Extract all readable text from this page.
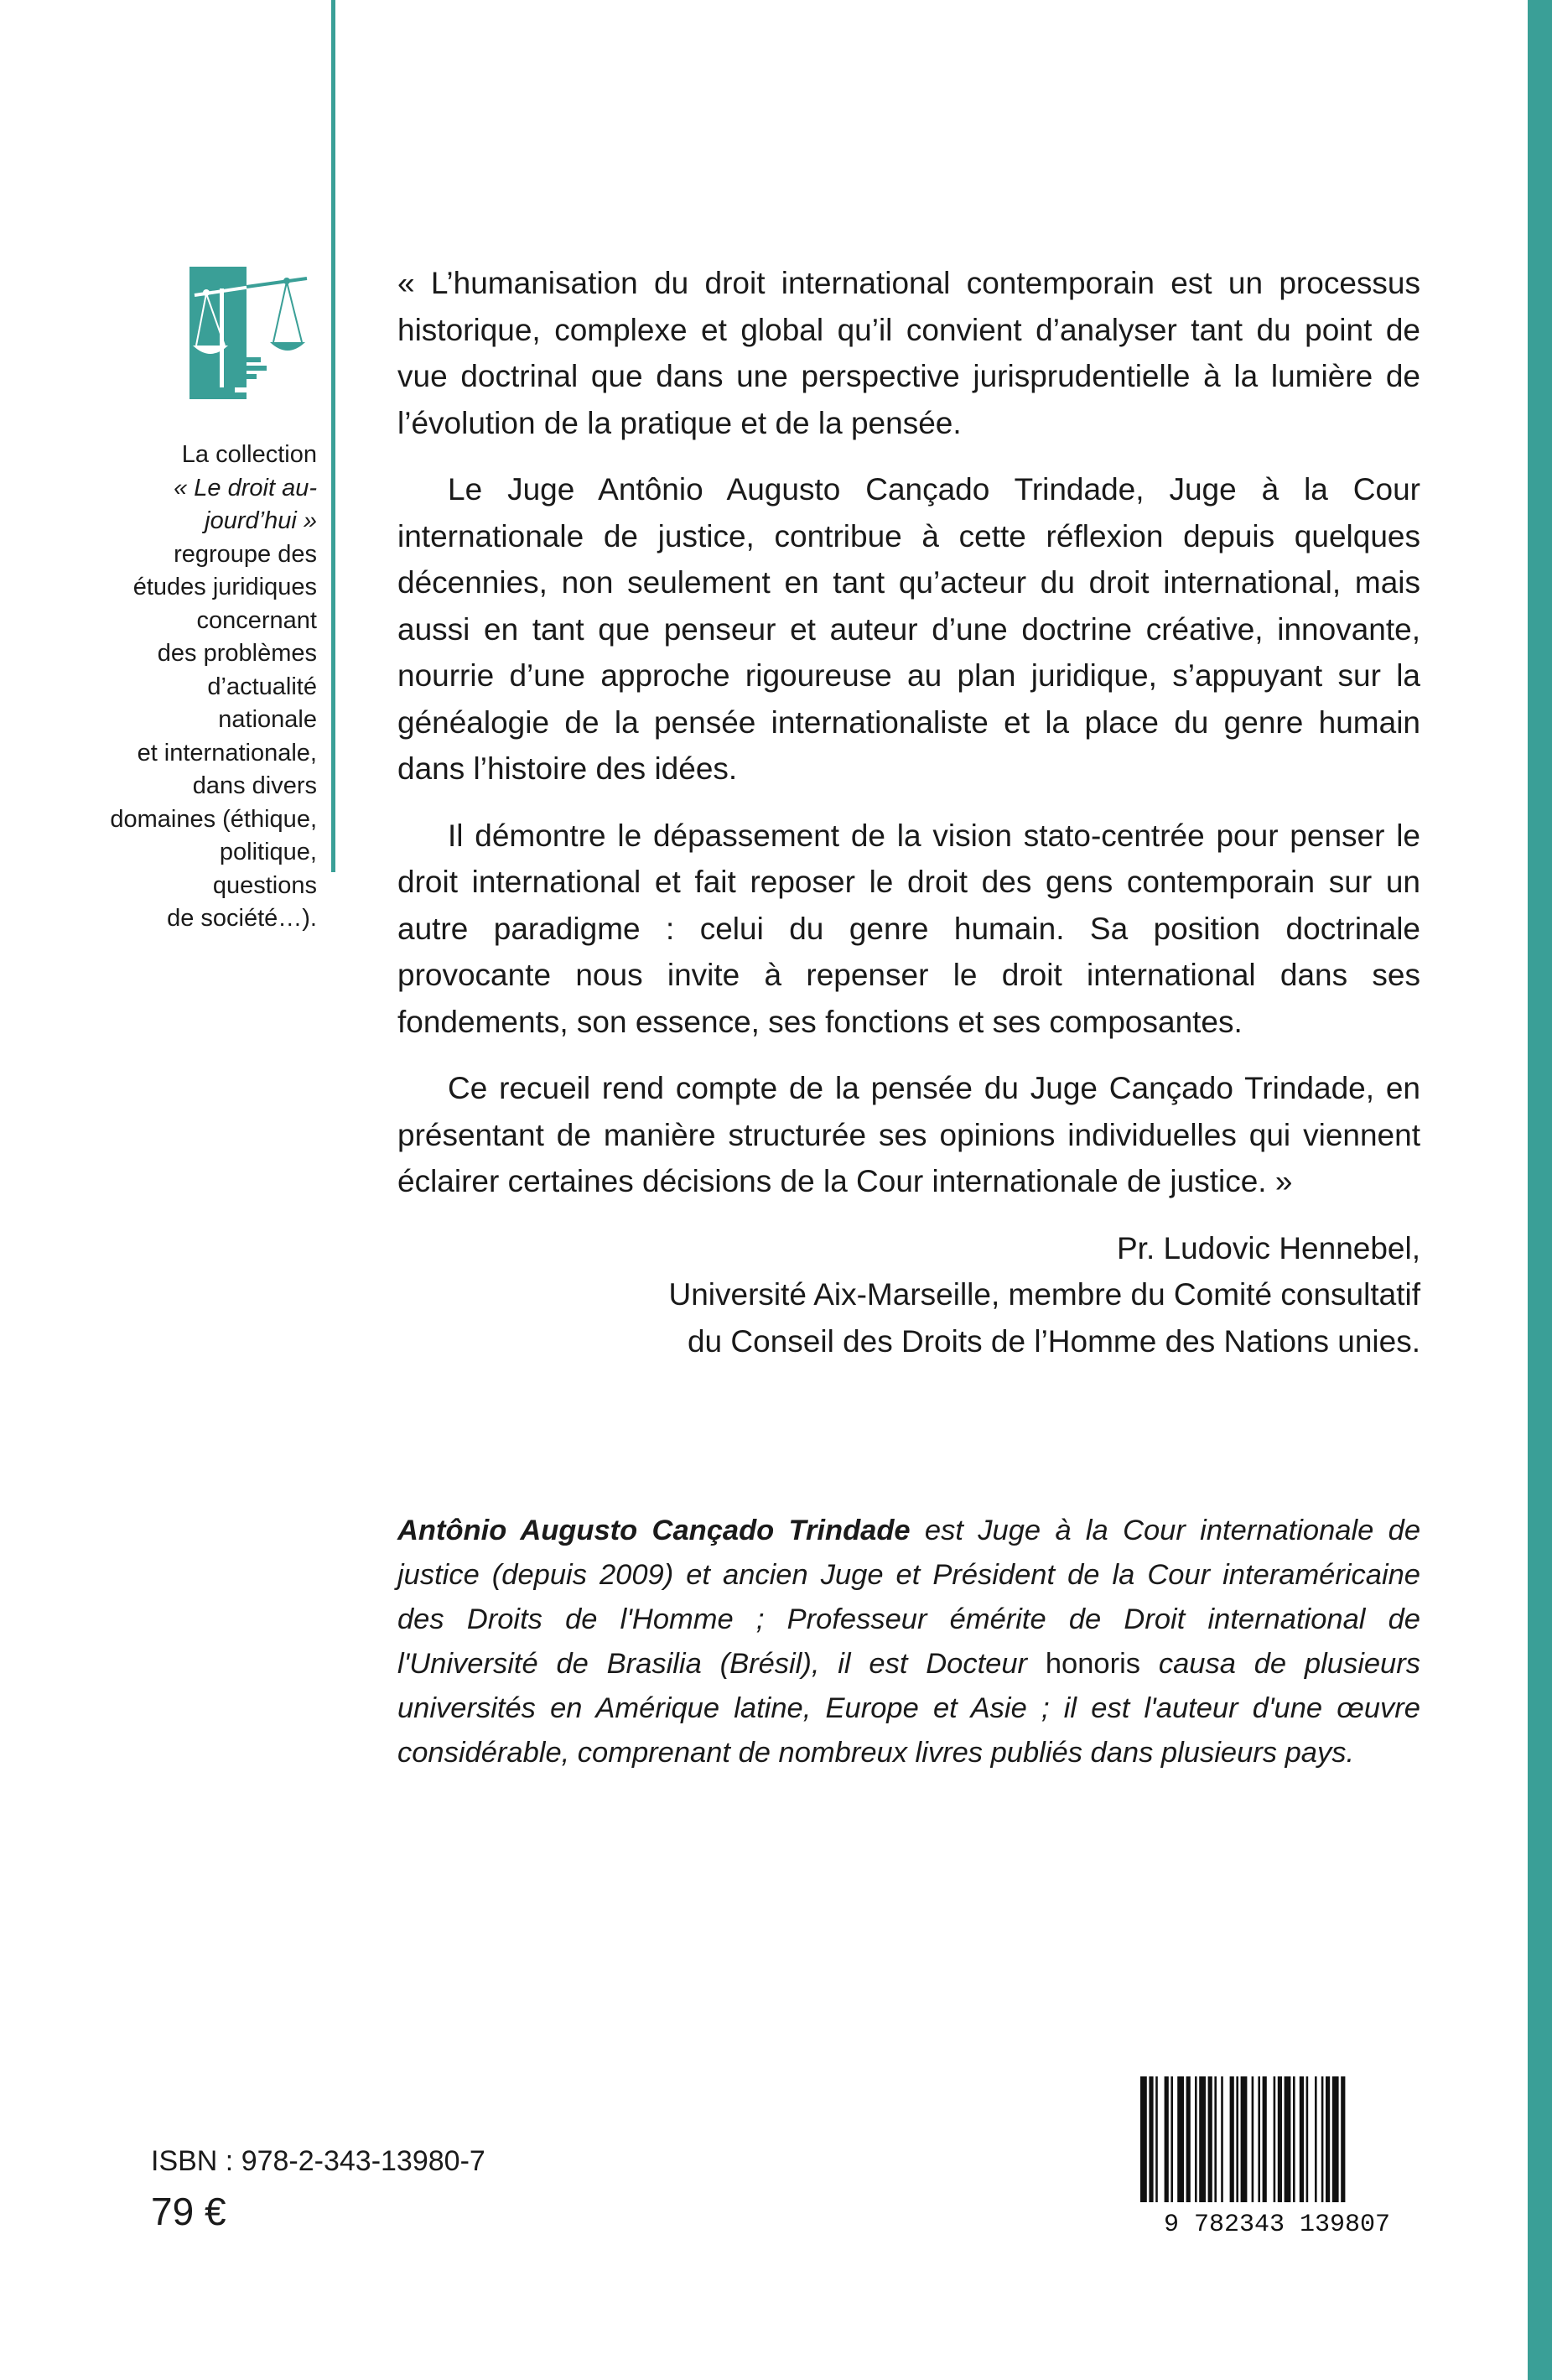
La collection

« Le droit au-

jourd’hui »

regroupe des

études juridiques

concernant

des problèmes

d’actualité nationale

et internationale,

dans divers

domaines (éthique,

politique, questions

de société…).

« L’humanisation du droit international contemporain est un processus historique, complexe et global qu’il convient d’analyser tant du point de vue doctrinal que dans une perspective jurisprudentielle à la lumière de l’évolution de la pratique et de la pensée.

Le Juge Antônio Augusto Cançado Trindade, Juge à la Cour internationale de justice, contribue à cette réflexion depuis quelques décennies, non seulement en tant qu’acteur du droit international, mais aussi en tant que penseur et auteur d’une doctrine créative, innovante, nourrie d’une approche rigoureuse au plan juridique, s’appuyant sur la généalogie de la pensée internationaliste et la place du genre humain dans l’histoire des idées.

Il démontre le dépassement de la vision stato-centrée pour penser le droit international et fait reposer le droit des gens contemporain sur un autre paradigme : celui du genre humain. Sa position doctrinale provocante nous invite à repenser le droit international dans ses fondements, son essence, ses fonctions et ses composantes.

Ce recueil rend compte de la pensée du Juge Cançado Trindade, en présentant de manière structurée ses opinions individuelles qui viennent éclairer certaines décisions de la Cour internationale de justice. »

Pr. Ludovic Hennebel,
Université Aix-Marseille, membre du Comité consultatif
du Conseil des Droits de l’Homme des Nations unies.

Antônio Augusto Cançado Trindade est Juge à la Cour internationale de justice (depuis 2009) et ancien Juge et Président de la Cour interaméricaine des Droits de l'Homme ; Professeur émérite de Droit international de l'Université de Brasilia (Brésil), il est Docteur honoris causa de plusieurs universités en Amérique latine, Europe et Asie ; il est l'auteur d'une œuvre considérable, comprenant de nombreux livres publiés dans plusieurs pays.

ISBN : 978-2-343-13980-7
79 €	9 782343 139807
